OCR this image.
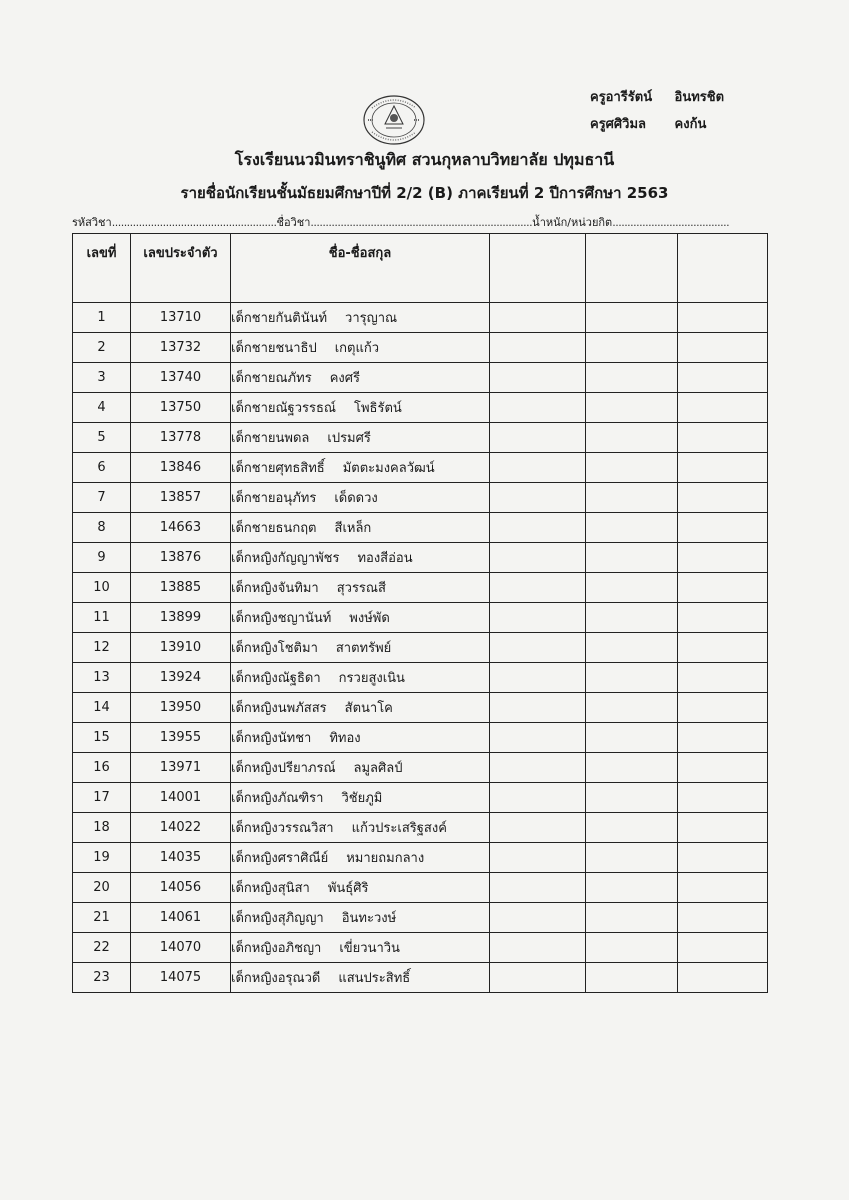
ครูอารีรัตน์ อินทรชิต
ครูศศิวิมล คงก้น
โรงเรียนนวมินทราชินูทิศ สวนกุหลาบวิทยาลัย ปทุมธานี
รายชื่อนักเรียนชั้นมัธยมศึกษาปีที่ 2/2 (B) ภาคเรียนที่ 2 ปีการศึกษา 2563
รหัสวิชา.......................................................ชื่อวิชา..........................................................................น้ำหนัก/หน่วยกิต.......................................
เลขที่	เลขประจำตัว	ชื่อ-ชื่อสกุล			
1	13710	เด็กชายกันตินันท์ วารุญาณ			
2	13732	เด็กชายชนาธิป เกตุแก้ว			
3	13740	เด็กชายณภัทร คงศรี			
4	13750	เด็กชายณัฐวรรธณ์ โพธิรัตน์			
5	13778	เด็กชายนพดล เปรมศรี			
6	13846	เด็กชายศุทธสิทธิ์ มัตตะมงคลวัฒน์			
7	13857	เด็กชายอนุภัทร เด็ดดวง			
8	14663	เด็กชายธนกฤต สีเหล็ก			
9	13876	เด็กหญิงกัญญาพัชร ทองสีอ่อน			
10	13885	เด็กหญิงจันทิมา สุวรรณสี			
11	13899	เด็กหญิงชญานันท์ พงษ์พัด			
12	13910	เด็กหญิงโชติมา สาตทรัพย์			
13	13924	เด็กหญิงณัฐธิดา กรวยสูงเนิน			
14	13950	เด็กหญิงนพภัสสร สัตนาโค			
15	13955	เด็กหญิงนัทชา ทิทอง			
16	13971	เด็กหญิงปรียาภรณ์ ลมูลศิลป์			
17	14001	เด็กหญิงภัณฑิรา วิชัยภูมิ			
18	14022	เด็กหญิงวรรณวิสา แก้วประเสริฐสงค์			
19	14035	เด็กหญิงศราศิณีย์ หมายถมกลาง			
20	14056	เด็กหญิงสุนิสา พันธุ์ศิริ			
21	14061	เด็กหญิงสุภิญญา อินทะวงษ์			
22	14070	เด็กหญิงอภิชญา เขี่ยวนาวิน			
23	14075	เด็กหญิงอรุณวดี แสนประสิทธิ์			
